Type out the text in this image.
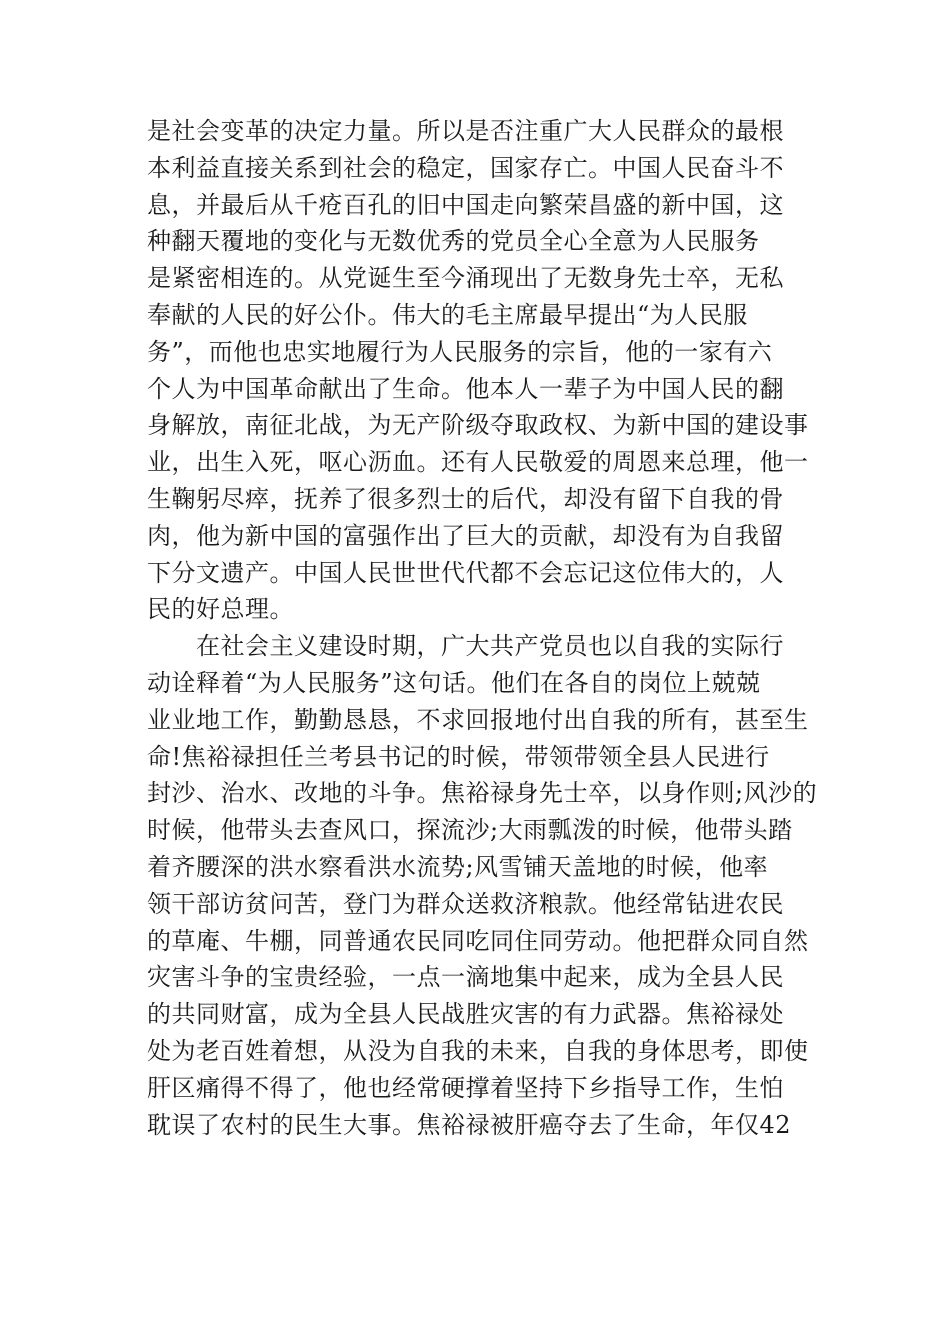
是社会变革的决定力量。所以是否注重广大人民群众的最根
本利益直接关系到社会的稳定，国家存亡。中国人民奋斗不
息，并最后从千疮百孔的旧中国走向繁荣昌盛的新中国，这
种翻天覆地的变化与无数优秀的党员全心全意为人民服务
是紧密相连的。从党诞生至今涌现出了无数身先士卒，无私
奉献的人民的好公仆。伟大的毛主席最早提出“为人民服
务”，而他也忠实地履行为人民服务的宗旨，他的一家有六
个人为中国革命献出了生命。他本人一辈子为中国人民的翻
身解放，南征北战，为无产阶级夺取政权、为新中国的建设事
业，出生入死，呕心沥血。还有人民敬爱的周恩来总理，他一
生鞠躬尽瘁，抚养了很多烈士的后代，却没有留下自我的骨
肉，他为新中国的富强作出了巨大的贡献，却没有为自我留
下分文遗产。中国人民世世代代都不会忘记这位伟大的，人
民的好总理。
在社会主义建设时期，广大共产党员也以自我的实际行
动诠释着“为人民服务”这句话。他们在各自的岗位上兢兢
业业地工作，勤勤恳恳，不求回报地付出自我的所有，甚至生
命!焦裕禄担任兰考县书记的时候，带领带领全县人民进行
封沙、治水、改地的斗争。焦裕禄身先士卒，以身作则;风沙的
时候，他带头去查风口，探流沙;大雨瓢泼的时候，他带头踏
着齐腰深的洪水察看洪水流势;风雪铺天盖地的时候，他率
领干部访贫问苦，登门为群众送救济粮款。他经常钻进农民
的草庵、牛棚，同普通农民同吃同住同劳动。他把群众同自然
灾害斗争的宝贵经验，一点一滴地集中起来，成为全县人民
的共同财富，成为全县人民战胜灾害的有力武器。焦裕禄处
处为老百姓着想，从没为自我的未来，自我的身体思考，即使
肝区痛得不得了，他也经常硬撑着坚持下乡指导工作，生怕
耽误了农村的民生大事。焦裕禄被肝癌夺去了生命，年仅42
